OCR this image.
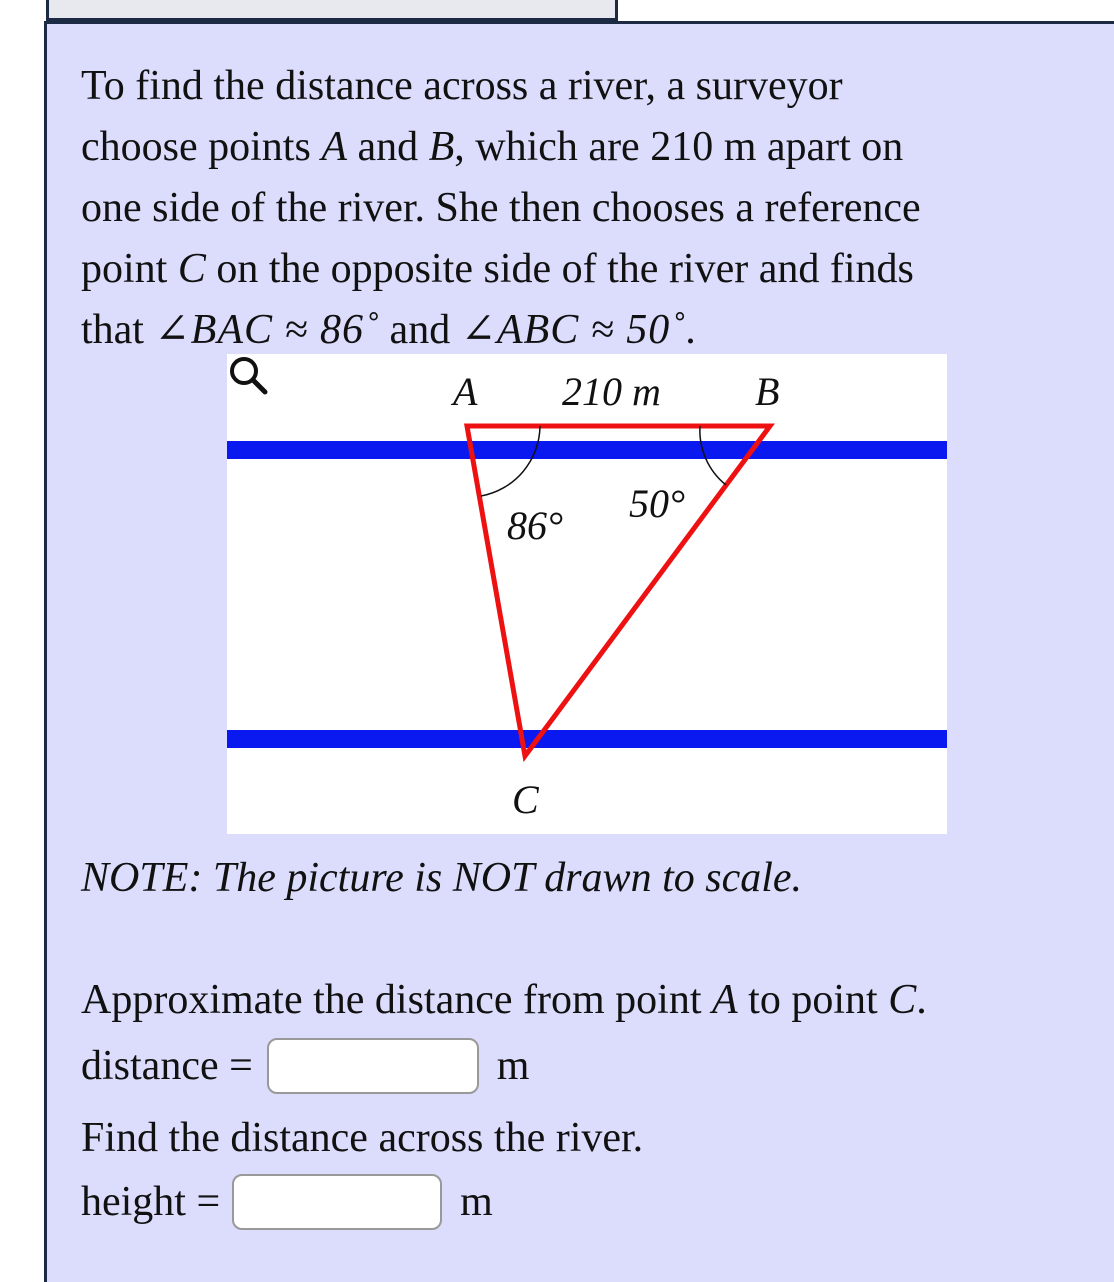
To find the distance across a river, a surveyor
choose points A and B, which are 210 m apart on
one side of the river. She then chooses a reference
point C on the opposite side of the river and finds
that ∠BAC ≈ 86˚ and ∠ABC ≈ 50˚.
A 210 m B
86° 50°
C
NOTE: The picture is NOT drawn to scale.
Approximate the distance from point A to point C.
distance =	m
Find the distance across the river.
height =	m
